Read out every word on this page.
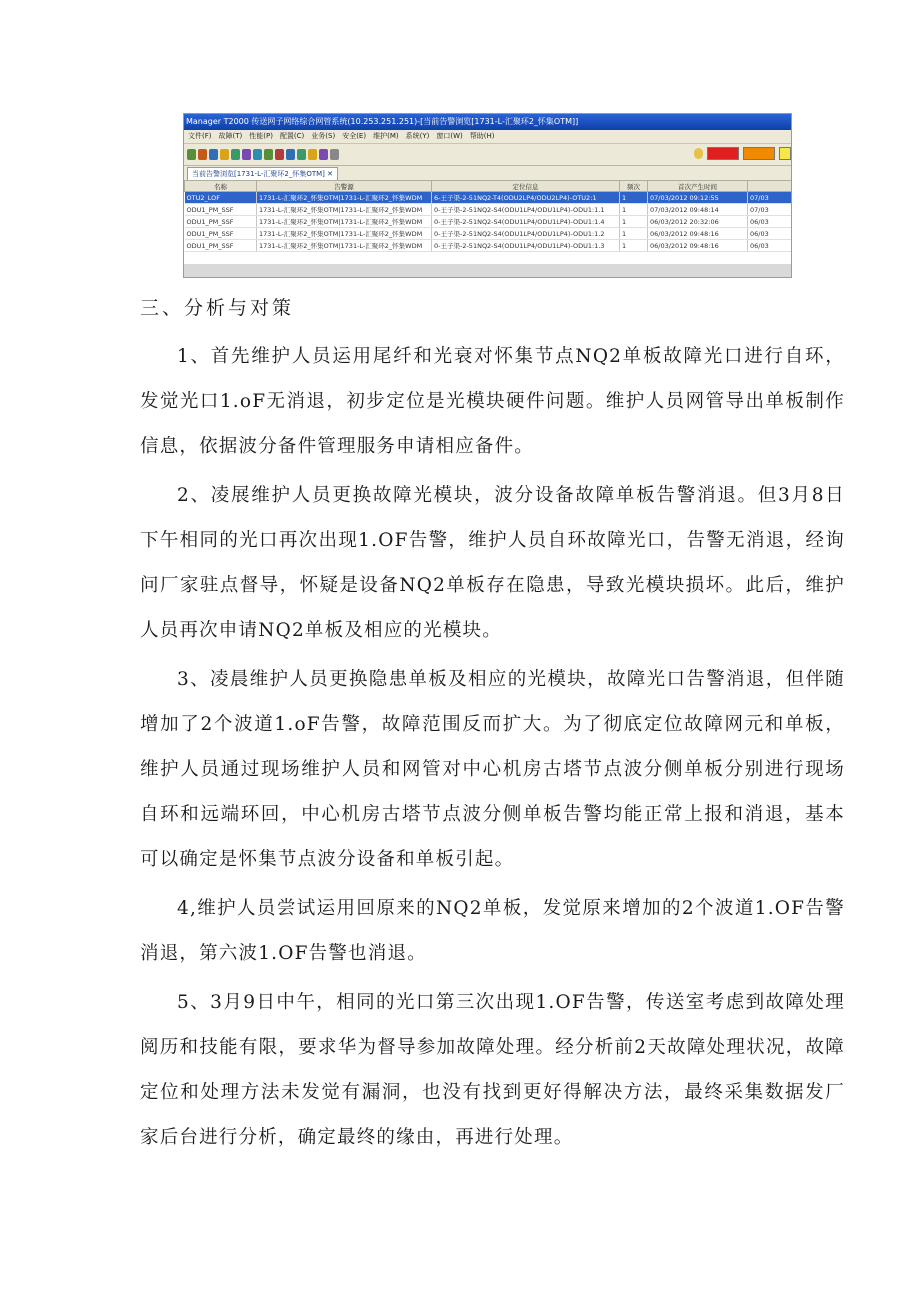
Manager T2000 传送网子网络综合网管系统(10.253.251.251)-[当前告警浏览[1731-L-汇聚环2_怀集OTM]]
文件(F) 故障(T) 性能(P) 配置(C) 业务(S) 安全(E) 维护(M) 系统(Y) 窗口(W) 帮助(H)
当前告警浏览[1731-L-汇聚环2_怀集OTM] ✕
名称	告警源	定位信息	频次	首次产生时间	
OTU2_LOF	1731-L-汇聚环2_怀集OTM|1731-L-汇聚环2_怀集WDM	6-王子渠-2-51NQ2-T4(ODU2LP4/ODU2LP4)-OTU2:1	1	07/03/2012 09:12:55	07/03
ODU1_PM_SSF	1731-L-汇聚环2_怀集OTM|1731-L-汇聚环2_怀集WDM	0-王子渠-2-51NQ2-S4(ODU1LP4/ODU1LP4)-ODU1:1.1	1	07/03/2012 09:48:14	07/03
ODU1_PM_SSF	1731-L-汇聚环2_怀集OTM|1731-L-汇聚环2_怀集WDM	0-王子渠-2-51NQ2-S4(ODU1LP4/ODU1LP4)-ODU1:1.4	1	06/03/2012 20:32:06	06/03
ODU1_PM_SSF	1731-L-汇聚环2_怀集OTM|1731-L-汇聚环2_怀集WDM	0-王子渠-2-51NQ2-S4(ODU1LP4/ODU1LP4)-ODU1:1.2	1	06/03/2012 09:48:16	06/03
ODU1_PM_SSF	1731-L-汇聚环2_怀集OTM|1731-L-汇聚环2_怀集WDM	0-王子渠-2-51NQ2-S4(ODU1LP4/ODU1LP4)-ODU1:1.3	1	06/03/2012 09:48:16	06/03
三、分析与对策

1、首先维护人员运用尾纤和光衰对怀集节点NQ2单板故障光口进行自环，发觉光口1.oF无消退，初步定位是光模块硬件问题。维护人员网管导出单板制作信息，依据波分备件管理服务申请相应备件。

2、凌展维护人员更换故障光模块，波分设备故障单板告警消退。但3月8日下午相同的光口再次出现1.OF告警，维护人员自环故障光口，告警无消退，经询问厂家驻点督导，怀疑是设备NQ2单板存在隐患，导致光模块损坏。此后，维护人员再次申请NQ2单板及相应的光模块。

3、凌晨维护人员更换隐患单板及相应的光模块，故障光口告警消退，但伴随增加了2个波道1.oF告警，故障范围反而扩大。为了彻底定位故障网元和单板，维护人员通过现场维护人员和网管对中心机房古塔节点波分侧单板分别进行现场自环和远端环回，中心机房古塔节点波分侧单板告警均能正常上报和消退，基本可以确定是怀集节点波分设备和单板引起。

4,维护人员尝试运用回原来的NQ2单板，发觉原来增加的2个波道1.OF告警消退，第六波1.OF告警也消退。

5、3月9日中午，相同的光口第三次出现1.OF告警，传送室考虑到故障处理阅历和技能有限，要求华为督导参加故障处理。经分析前2天故障处理状况，故障定位和处理方法未发觉有漏洞，也没有找到更好得解决方法，最终采集数据发厂家后台进行分析，确定最终的缘由，再进行处理。
